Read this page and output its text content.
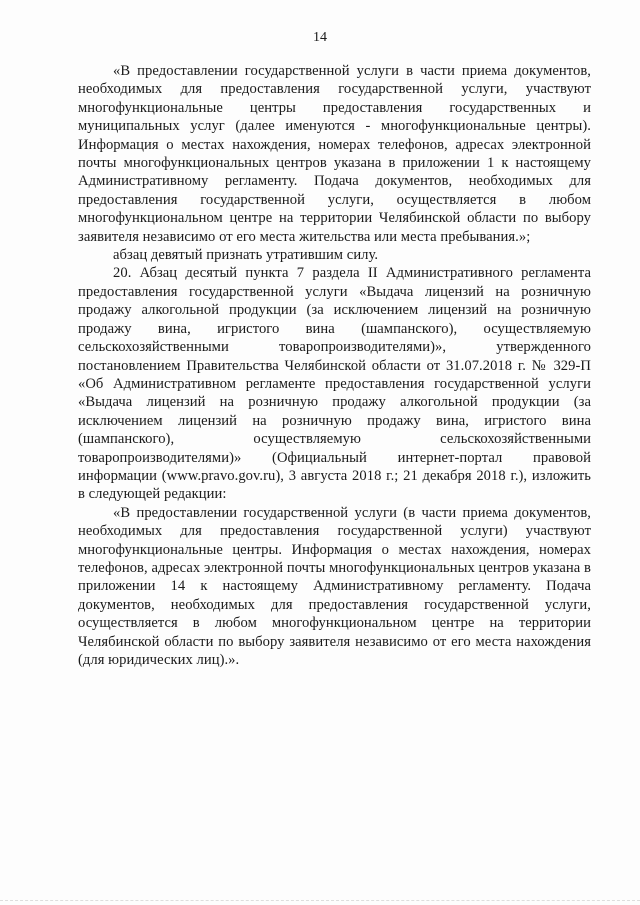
14

«В предоставлении государственной услуги в части приема документов, необходимых для предоставления государственной услуги, участвуют многофункциональные центры предоставления государственных и муниципальных услуг (далее именуются - многофункциональные центры). Информация о местах нахождения, номерах телефонов, адресах электронной почты многофункциональных центров указана в приложении 1 к настоящему Административному регламенту. Подача документов, необходимых для предоставления государственной услуги, осуществляется в любом многофункциональном центре на территории Челябинской области по выбору заявителя независимо от его места жительства или места пребывания.»;

абзац девятый признать утратившим силу.

20. Абзац десятый пункта 7 раздела II Административного регламента предоставления государственной услуги «Выдача лицензий на розничную продажу алкогольной продукции (за исключением лицензий на розничную продажу вина, игристого вина (шампанского), осуществляемую сельскохозяйственными товаропроизводителями)», утвержденного постановлением Правительства Челябинской области от 31.07.2018 г. № 329-П «Об Административном регламенте предоставления государственной услуги «Выдача лицензий на розничную продажу алкогольной продукции (за исключением лицензий на розничную продажу вина, игристого вина (шампанского), осуществляемую сельскохозяйственными товаропроизводителями)» (Официальный интернет-портал правовой информации (www.pravo.gov.ru), 3 августа 2018 г.; 21 декабря 2018 г.), изложить в следующей редакции:

«В предоставлении государственной услуги (в части приема документов, необходимых для предоставления государственной услуги) участвуют многофункциональные центры. Информация о местах нахождения, номерах телефонов, адресах электронной почты многофункциональных центров указана в приложении 14 к настоящему Административному регламенту. Подача документов, необходимых для предоставления государственной услуги, осуществляется в любом многофункциональном центре на территории Челябинской области по выбору заявителя независимо от его места нахождения (для юридических лиц).».
